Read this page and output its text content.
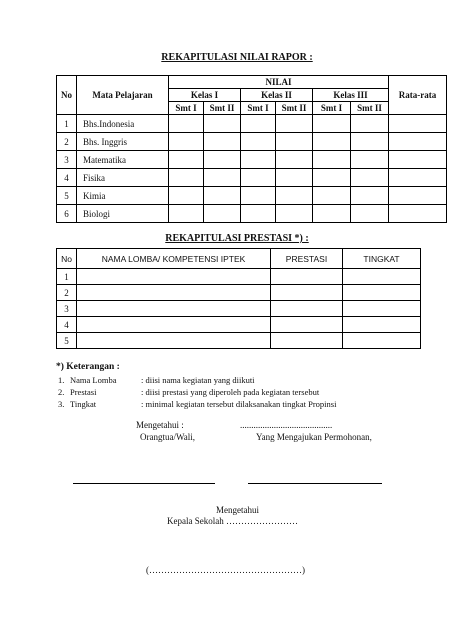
REKAPITULASI NILAI RAPOR :
No	Mata Pelajaran	NILAI						Rata-rata
		Kelas I		Kelas II		Kelas III		
		Smt I	Smt II	Smt I	Smt II	Smt I	Smt II	
1	Bhs.Indonesia							
2	Bhs. Inggris							
3	Matematika							
4	Fisika							
5	Kimia							
6	Biologi							
REKAPITULASI PRESTASI *) :
No	NAMA LOMBA/ KOMPETENSI IPTEK	PRESTASI	TINGKAT
1			
2			
3			
4			
5			
*) Keterangan :
1. Nama Lomba	: diisi nama kegiatan yang diikuti
2. Prestasi	: diisi prestasi yang diperoleh pada kegiatan tersebut
3. Tingkat	: minimal kegiatan tersebut dilaksanakan tingkat Propinsi
Mengetahui :
Orangtua/Wali,
.........................................
Yang Mengajukan Permohonan,
Mengetahui
Kepala Sekolah ……………………
(……………………………………………)
